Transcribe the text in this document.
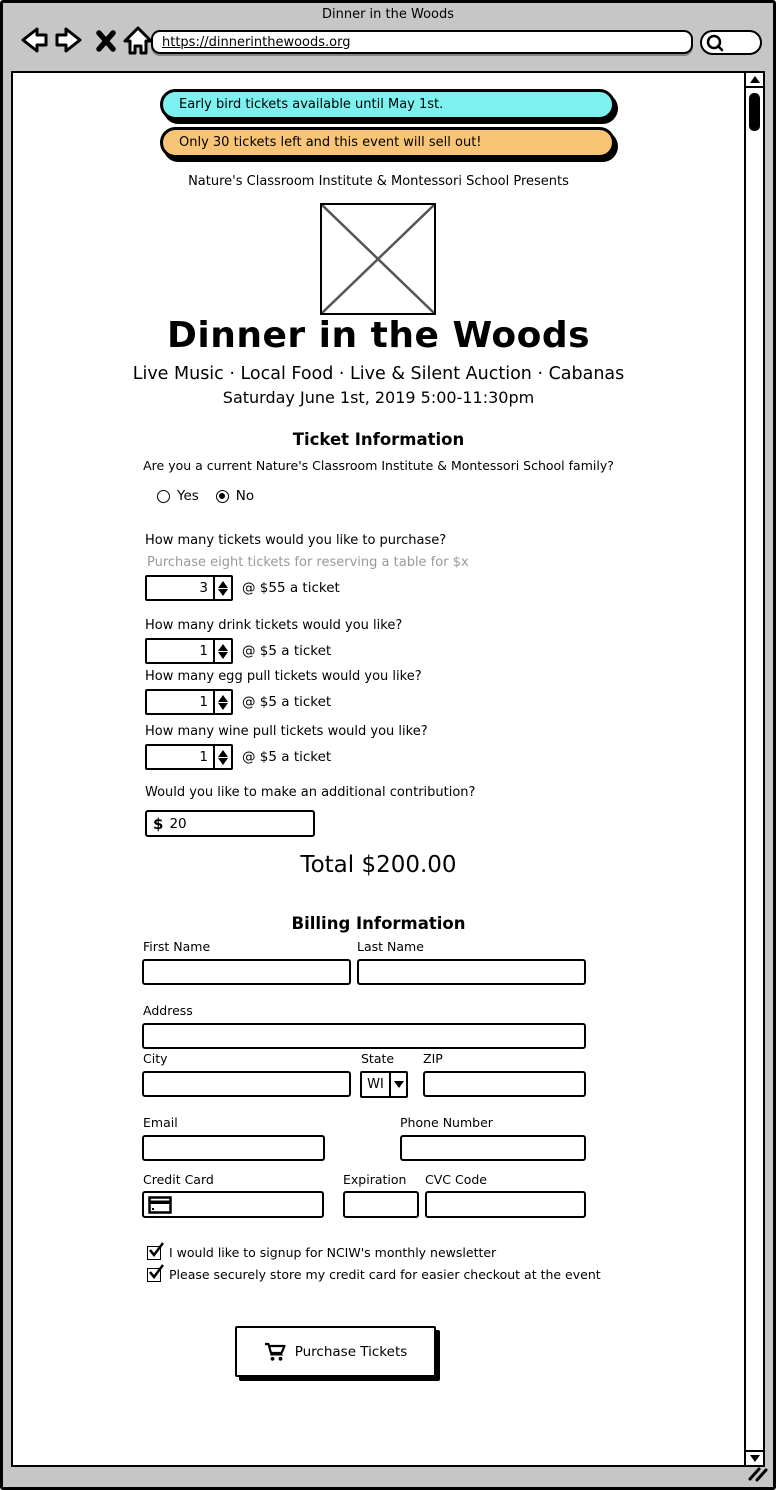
Dinner in the Woods
https://dinnerinthewoods.org
Early bird tickets available until May 1st.
Only 30 tickets left and this event will sell out!
Nature's Classroom Institute & Montessori School Presents
Dinner in the Woods
Live Music · Local Food · Live & Silent Auction · Cabanas
Saturday June 1st, 2019 5:00-11:30pm
Ticket Information
Are you a current Nature's Classroom Institute & Montessori School family?
Yes	No
How many tickets would you like to purchase?
Purchase eight tickets for reserving a table for $x
3
@ $55 a ticket
How many drink tickets would you like?
1
@ $5 a ticket
How many egg pull tickets would you like?
1
@ $5 a ticket
How many wine pull tickets would you like?
1
@ $5 a ticket
Would you like to make an additional contribution?
$
20
Total $200.00
Billing Information
First Name	Last Name
Address
City	State ZIP
WI
Email	Phone Number
Credit Card	Expiration CVC Code
I would like to signup for NCIW's monthly newsletter
Please securely store my credit card for easier checkout at the event
Purchase Tickets
